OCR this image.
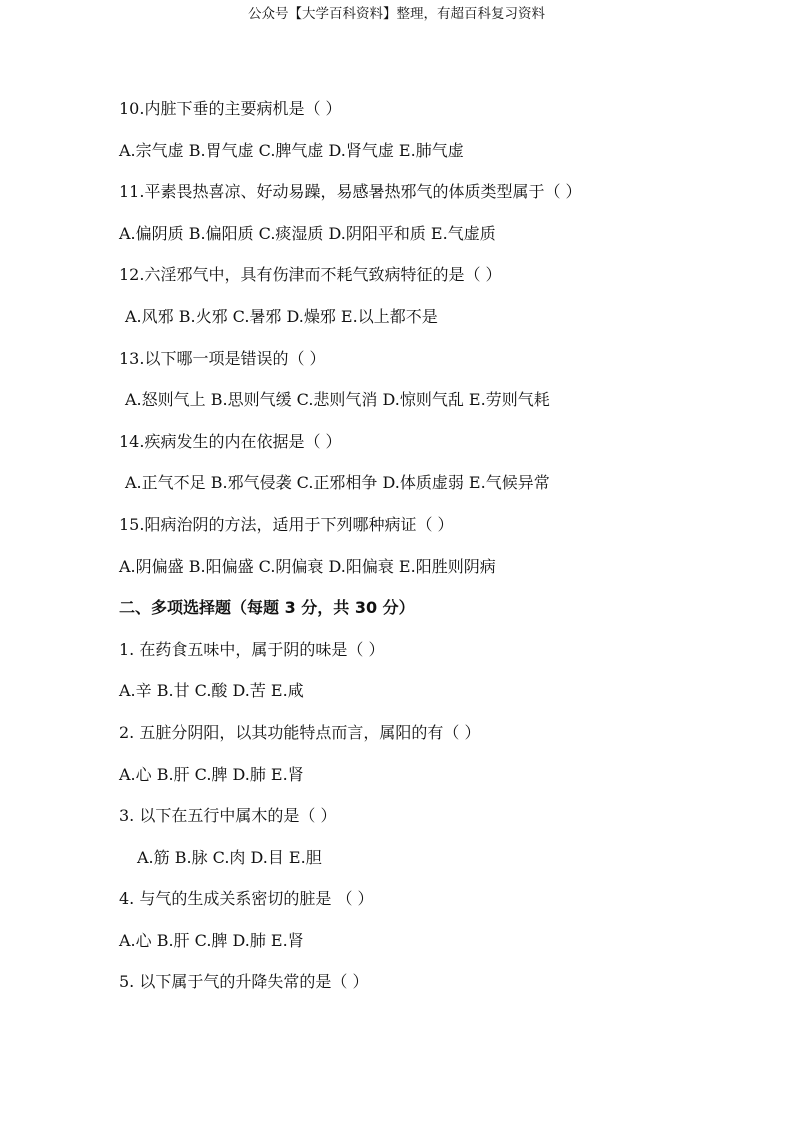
公众号【大学百科资料】整理，有超百科复习资料
10.内脏下垂的主要病机是（ ）
A.宗气虚 B.胃气虚 C.脾气虚 D.肾气虚 E.肺气虚
11.平素畏热喜凉、好动易躁，易感暑热邪气的体质类型属于（ ）
A.偏阴质 B.偏阳质 C.痰湿质 D.阴阳平和质 E.气虚质
12.六淫邪气中，具有伤津而不耗气致病特征的是（ ）
A.风邪 B.火邪 C.暑邪 D.燥邪 E.以上都不是
13.以下哪一项是错误的（ ）
A.怒则气上 B.思则气缓 C.悲则气消 D.惊则气乱 E.劳则气耗
14.疾病发生的内在依据是（ ）
A.正气不足 B.邪气侵袭 C.正邪相争 D.体质虚弱 E.气候异常
15.阳病治阴的方法，适用于下列哪种病证（ ）
A.阴偏盛 B.阳偏盛 C.阴偏衰 D.阳偏衰 E.阳胜则阴病
二、多项选择题（每题 3 分，共 30 分）
1. 在药食五味中，属于阴的味是（ ）
A.辛 B.甘 C.酸 D.苦 E.咸
2. 五脏分阴阳，以其功能特点而言，属阳的有（ ）
A.心 B.肝 C.脾 D.肺 E.肾
3. 以下在五行中属木的是（ ）
A.筋 B.脉 C.肉 D.目 E.胆
4. 与气的生成关系密切的脏是 （ ）
A.心 B.肝 C.脾 D.肺 E.肾
5. 以下属于气的升降失常的是（ ）
